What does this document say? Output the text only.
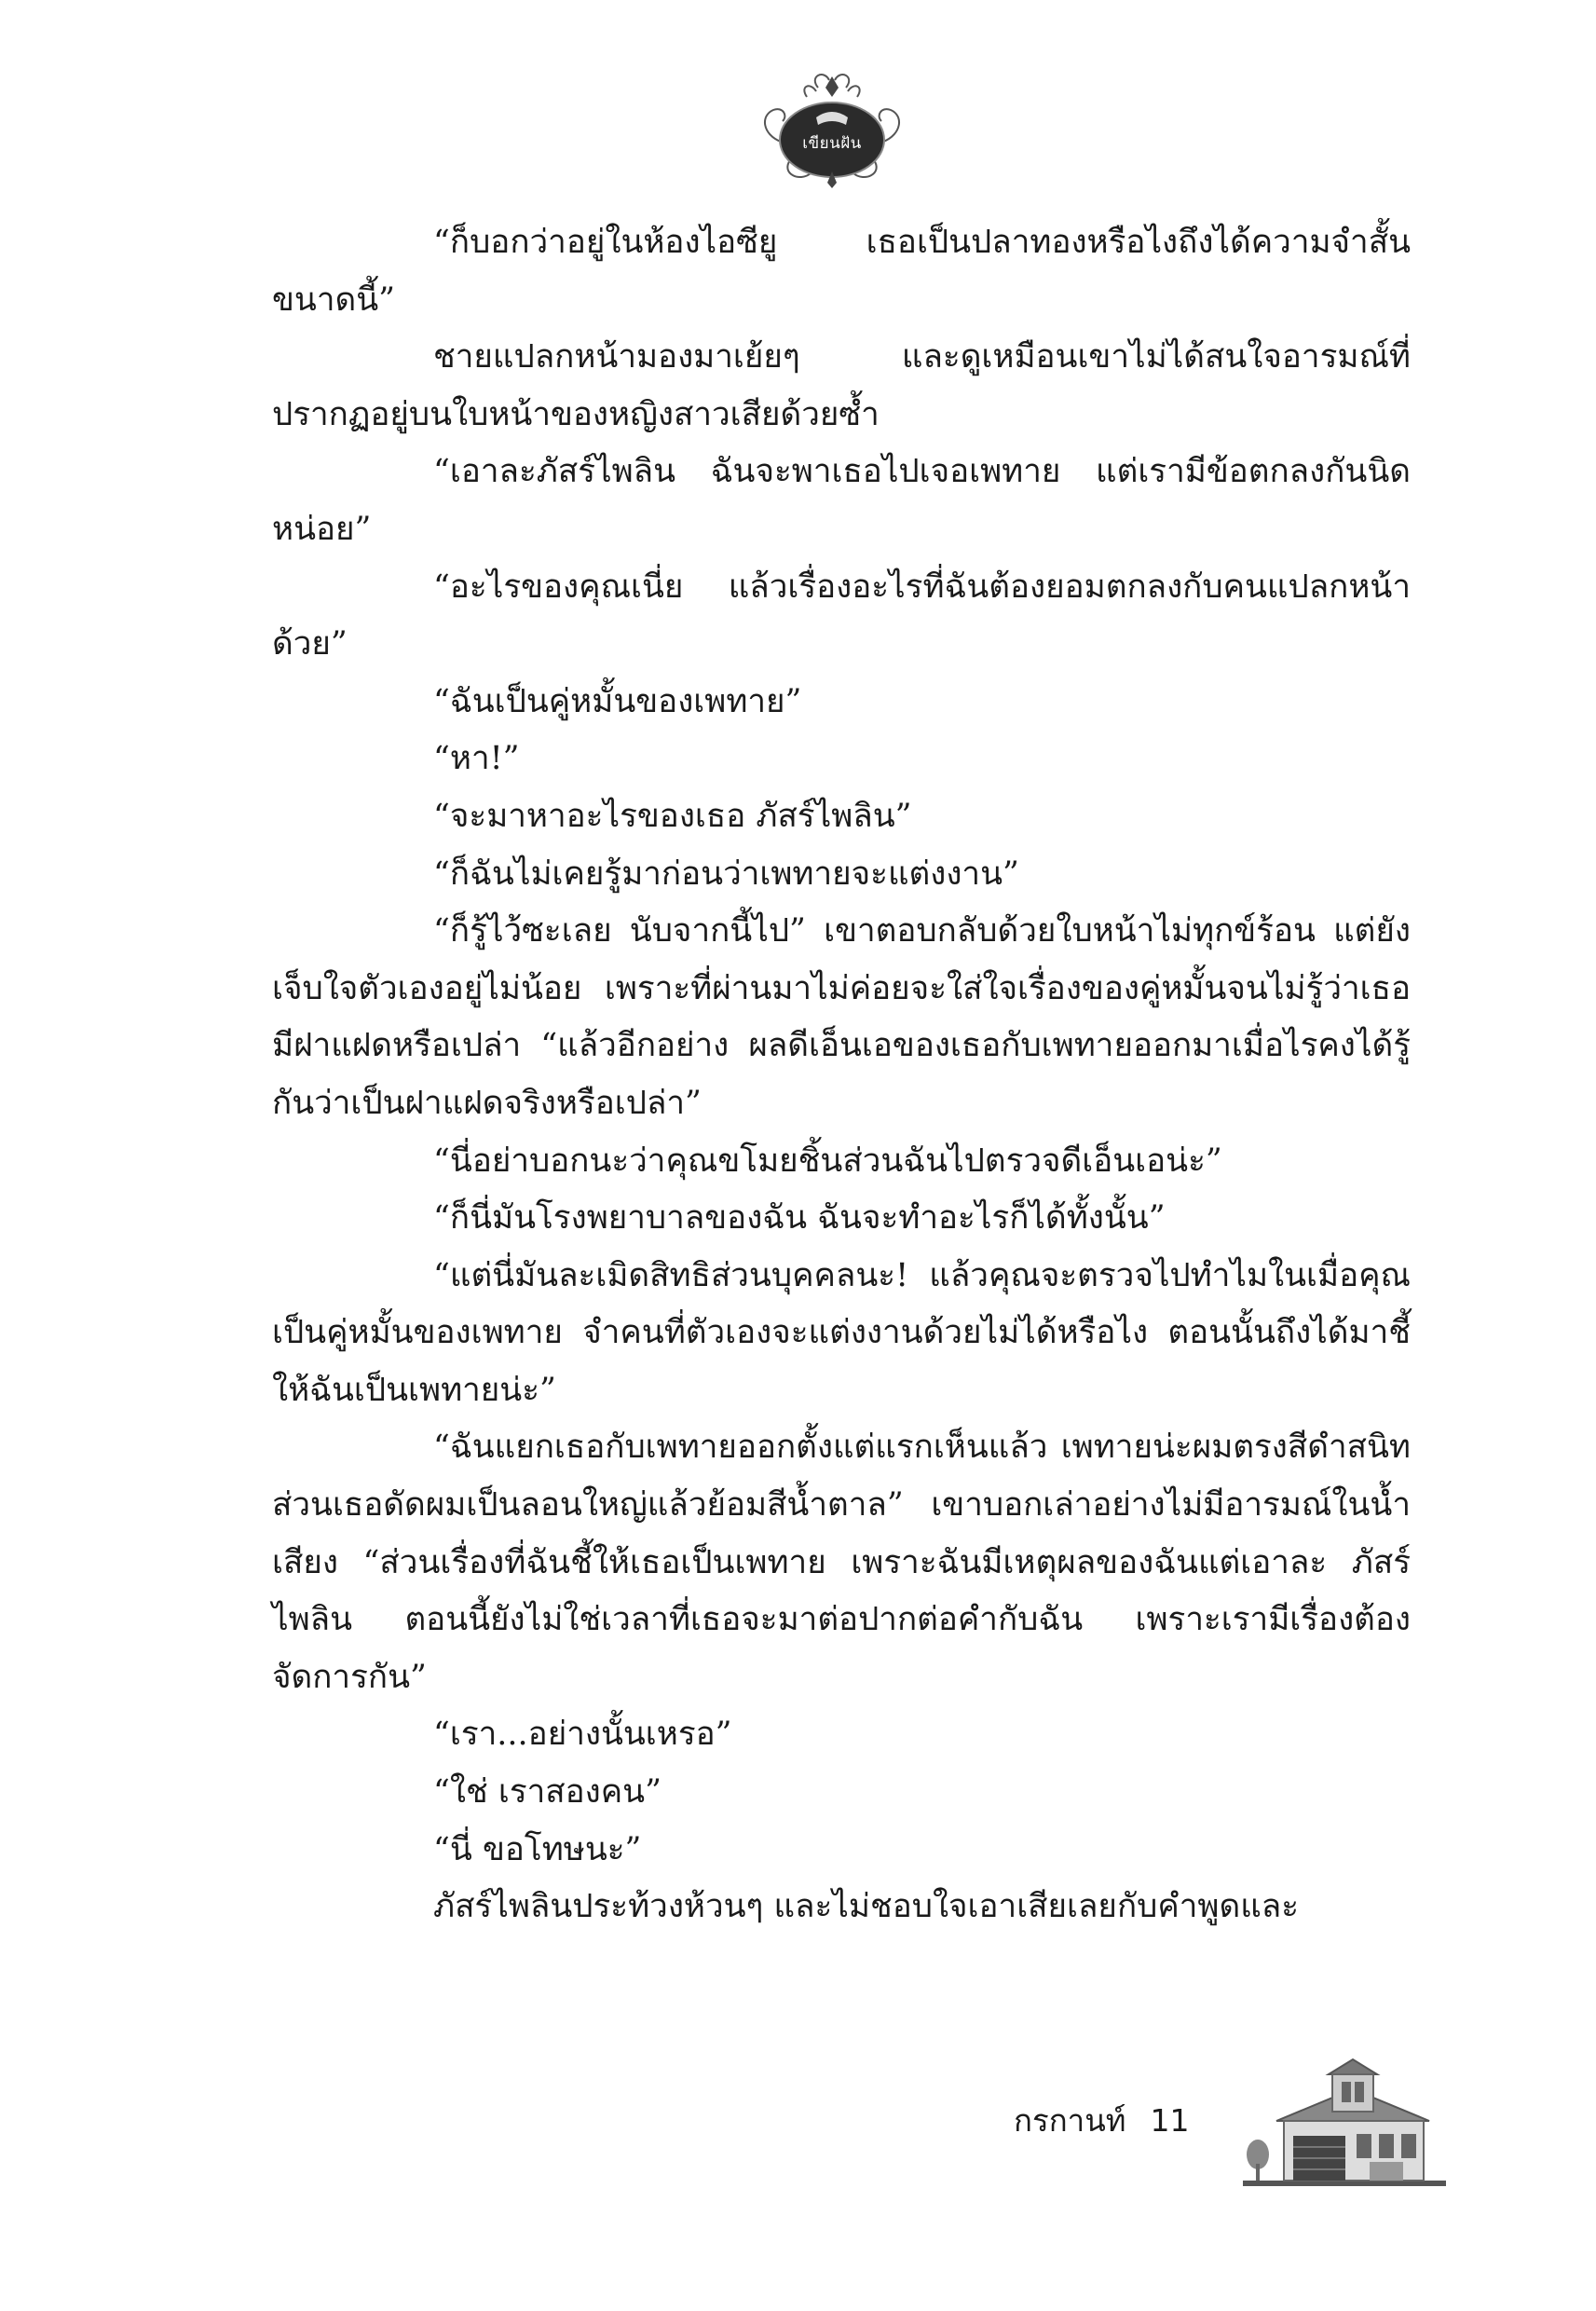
เขียนฝัน

“ก็บอกว่าอยู่ในห้องไอซียู เธอเป็นปลาทองหรือไงถึงได้ความจำสั้นขนาดนี้”

ชายแปลกหน้ามองมาเย้ยๆ และดูเหมือนเขาไม่ได้สนใจอารมณ์ที่ปรากฏอยู่บนใบหน้าของหญิงสาวเสียด้วยซ้ำ

“เอาละภัสร์ไพลิน ฉันจะพาเธอไปเจอเพทาย แต่เรามีข้อตกลงกันนิดหน่อย”

“อะไรของคุณเนี่ย แล้วเรื่องอะไรที่ฉันต้องยอมตกลงกับคนแปลกหน้าด้วย”

“ฉันเป็นคู่หมั้นของเพทาย”

“หา!”

“จะมาหาอะไรของเธอ ภัสร์ไพลิน”

“ก็ฉันไม่เคยรู้มาก่อนว่าเพทายจะแต่งงาน”

“ก็รู้ไว้ซะเลย นับจากนี้ไป” เขาตอบกลับด้วยใบหน้าไม่ทุกข์ร้อน แต่ยังเจ็บใจตัวเองอยู่ไม่น้อย เพราะที่ผ่านมาไม่ค่อยจะใส่ใจเรื่องของคู่หมั้นจนไม่รู้ว่าเธอมีฝาแฝดหรือเปล่า “แล้วอีกอย่าง ผลดีเอ็นเอของเธอกับเพทายออกมาเมื่อไรคงได้รู้กันว่าเป็นฝาแฝดจริงหรือเปล่า”

“นี่อย่าบอกนะว่าคุณขโมยชิ้นส่วนฉันไปตรวจดีเอ็นเอน่ะ”

“ก็นี่มันโรงพยาบาลของฉัน ฉันจะทำอะไรก็ได้ทั้งนั้น”

“แต่นี่มันละเมิดสิทธิส่วนบุคคลนะ! แล้วคุณจะตรวจไปทำไมในเมื่อคุณเป็นคู่หมั้นของเพทาย จำคนที่ตัวเองจะแต่งงานด้วยไม่ได้หรือไง ตอนนั้นถึงได้มาชี้ให้ฉันเป็นเพทายน่ะ”

“ฉันแยกเธอกับเพทายออกตั้งแต่แรกเห็นแล้ว เพทายน่ะผมตรงสีดำสนิท ส่วนเธอดัดผมเป็นลอนใหญ่แล้วย้อมสีน้ำตาล” เขาบอกเล่าอย่างไม่มีอารมณ์ในน้ำเสียง “ส่วนเรื่องที่ฉันชี้ให้เธอเป็นเพทาย เพราะฉันมีเหตุผลของฉันแต่เอาละ ภัสร์ไพลิน ตอนนี้ยังไม่ใช่เวลาที่เธอจะมาต่อปากต่อคำกับฉัน เพราะเรามีเรื่องต้องจัดการกัน”

“เรา...อย่างนั้นเหรอ”

“ใช่ เราสองคน”

“นี่ ขอโทษนะ”

ภัสร์ไพลินประท้วงห้วนๆ และไม่ชอบใจเอาเสียเลยกับคำพูดและ

กรกานท์ 11
